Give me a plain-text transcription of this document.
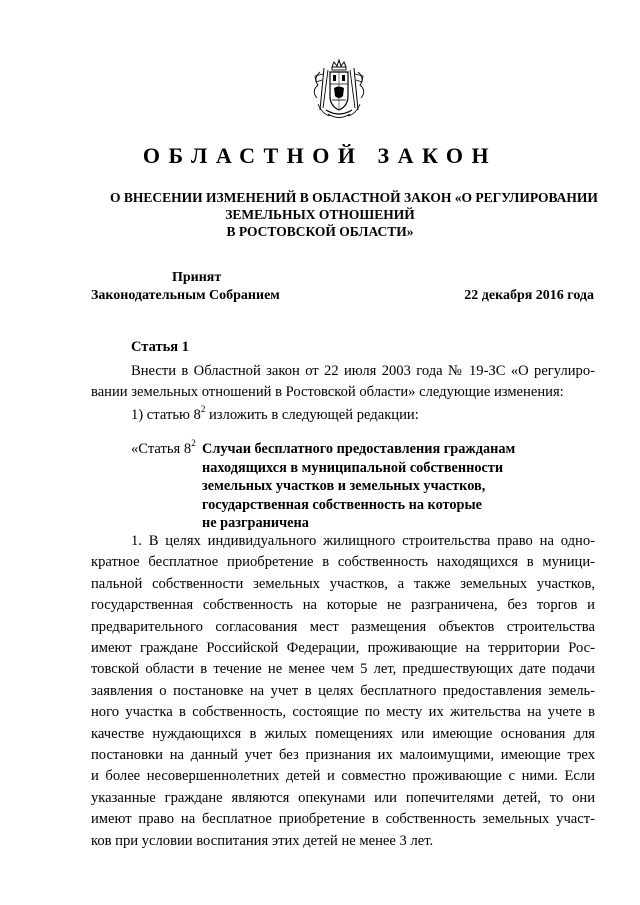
ОБЛАСТНОЙ ЗАКОН
О ВНЕСЕНИИ ИЗМЕНЕНИЙ В ОБЛАСТНОЙ ЗАКОН «О РЕГУЛИРОВАНИИ
ЗЕМЕЛЬНЫХ ОТНОШЕНИЙ
В РОСТОВСКОЙ ОБЛАСТИ»
Принят
Законодательным Собранием	22 декабря 2016 года
Статья 1
Внести в Областной закон от 22 июля 2003 года № 19-ЗС «О регулиро-
вании земельных отношений в Ростовской области» следующие изменения:
1) статью $8^2$ изложить в следующей редакции:
«Статья $8^2$ Случаи бесплатного предоставления гражданам
находящихся в муниципальной собственности
земельных участков и земельных участков,
государственная собственность на которые
не разграничена
1. В целях индивидуального жилищного строительства право на одно-
кратное бесплатное приобретение в собственность находящихся в муници-
пальной собственности земельных участков, а также земельных участков,
государственная собственность на которые не разграничена, без торгов и
предварительного согласования мест размещения объектов строительства
имеют граждане Российской Федерации, проживающие на территории Рос-
товской области в течение не менее чем 5 лет, предшествующих дате подачи
заявления о постановке на учет в целях бесплатного предоставления земель-
ного участка в собственность, состоящие по месту их жительства на учете в
качестве нуждающихся в жилых помещениях или имеющие основания для
постановки на данный учет без признания их малоимущими, имеющие трех
и более несовершеннолетних детей и совместно проживающие с ними. Если
указанные граждане являются опекунами или попечителями детей, то они
имеют право на бесплатное приобретение в собственность земельных участ-
ков при условии воспитания этих детей не менее 3 лет.
